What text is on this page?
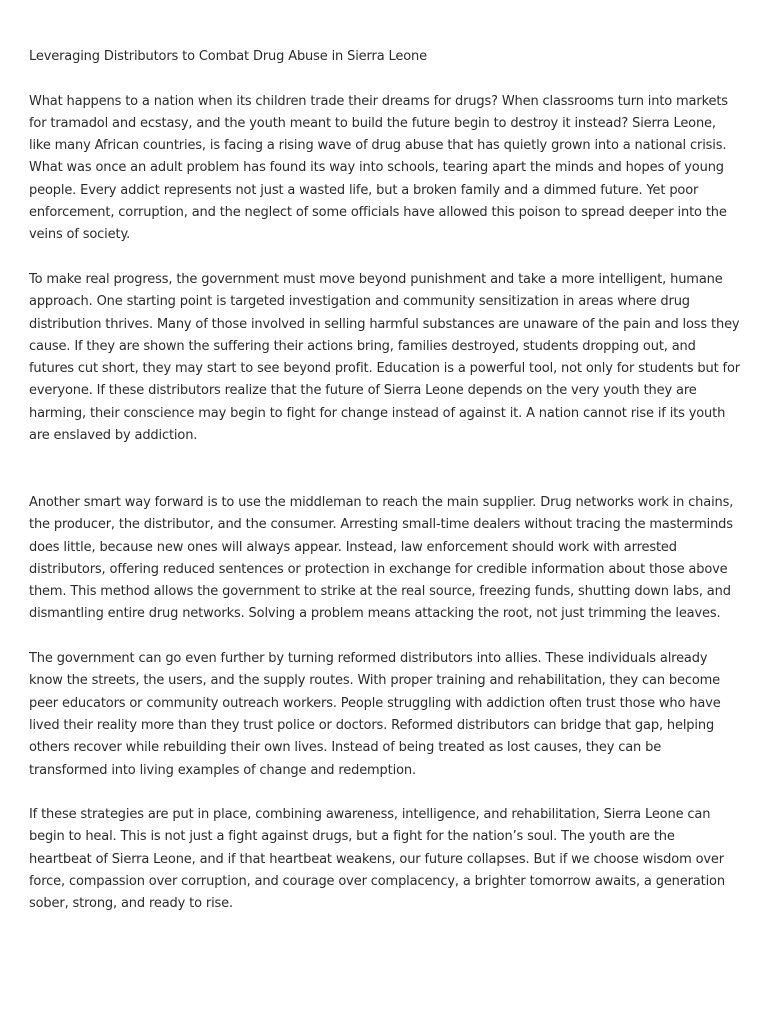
Leveraging Distributors to Combat Drug Abuse in Sierra Leone

What happens to a nation when its children trade their dreams for drugs? When classrooms turn into markets for tramadol and ecstasy, and the youth meant to build the future begin to destroy it instead? Sierra Leone, like many African countries, is facing a rising wave of drug abuse that has quietly grown into a national crisis. What was once an adult problem has found its way into schools, tearing apart the minds and hopes of young people. Every addict represents not just a wasted life, but a broken family and a dimmed future. Yet poor enforcement, corruption, and the neglect of some officials have allowed this poison to spread deeper into the veins of society.

To make real progress, the government must move beyond punishment and take a more intelligent, humane approach. One starting point is targeted investigation and community sensitization in areas where drug distribution thrives. Many of those involved in selling harmful substances are unaware of the pain and loss they cause. If they are shown the suffering their actions bring, families destroyed, students dropping out, and futures cut short, they may start to see beyond profit. Education is a powerful tool, not only for students but for everyone. If these distributors realize that the future of Sierra Leone depends on the very youth they are harming, their conscience may begin to fight for change instead of against it. A nation cannot rise if its youth are enslaved by addiction.

Another smart way forward is to use the middleman to reach the main supplier. Drug networks work in chains, the producer, the distributor, and the consumer. Arresting small-time dealers without tracing the masterminds does little, because new ones will always appear. Instead, law enforcement should work with arrested distributors, offering reduced sentences or protection in exchange for credible information about those above them. This method allows the government to strike at the real source, freezing funds, shutting down labs, and dismantling entire drug networks. Solving a problem means attacking the root, not just trimming the leaves.

The government can go even further by turning reformed distributors into allies. These individuals already know the streets, the users, and the supply routes. With proper training and rehabilitation, they can become peer educators or community outreach workers. People struggling with addiction often trust those who have lived their reality more than they trust police or doctors. Reformed distributors can bridge that gap, helping others recover while rebuilding their own lives. Instead of being treated as lost causes, they can be transformed into living examples of change and redemption.

If these strategies are put in place, combining awareness, intelligence, and rehabilitation, Sierra Leone can begin to heal. This is not just a fight against drugs, but a fight for the nation’s soul. The youth are the heartbeat of Sierra Leone, and if that heartbeat weakens, our future collapses. But if we choose wisdom over force, compassion over corruption, and courage over complacency, a brighter tomorrow awaits, a generation sober, strong, and ready to rise.
